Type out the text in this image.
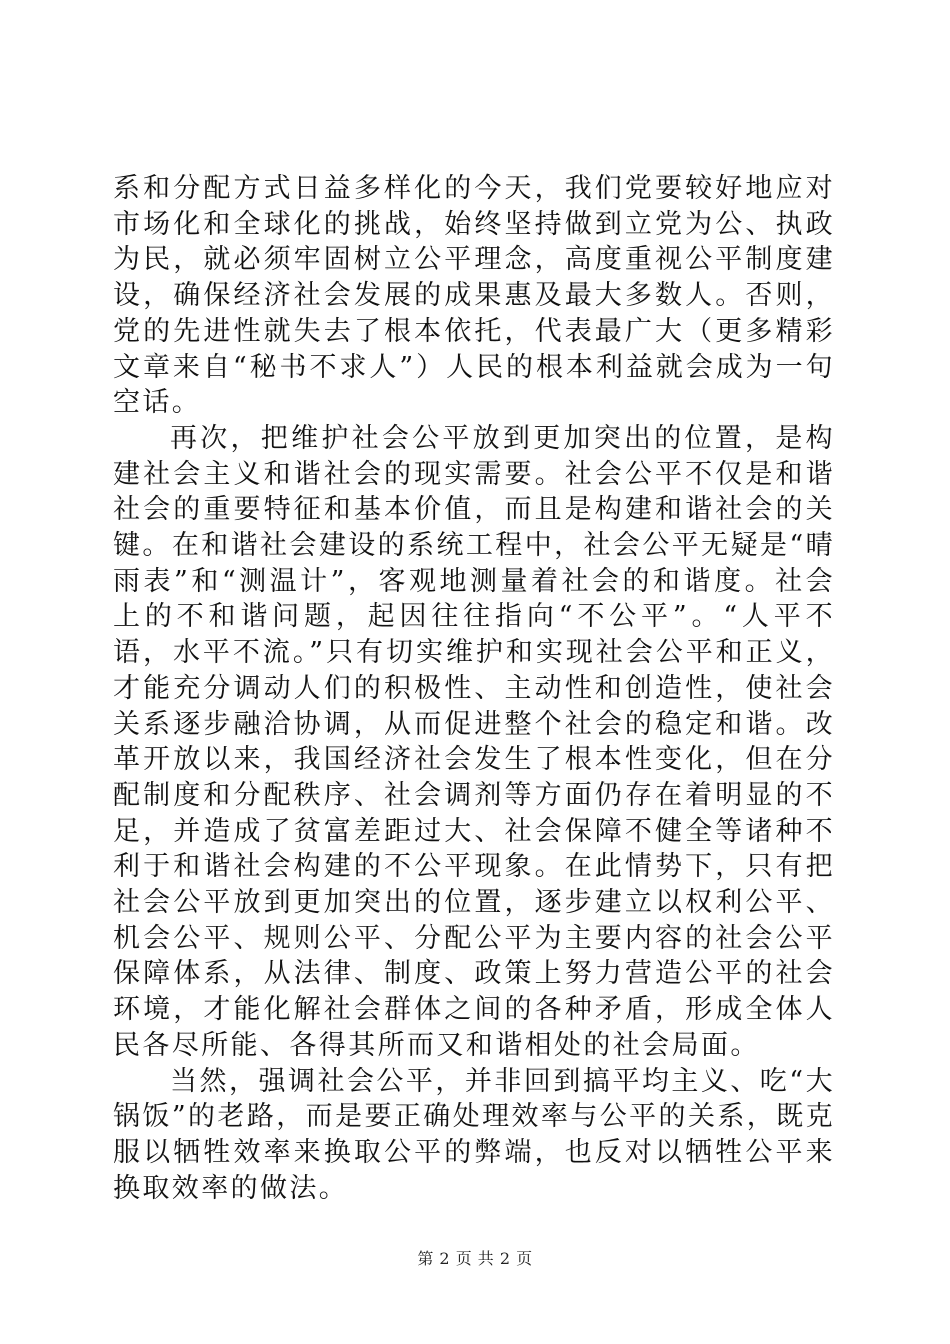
系和分配方式日益多样化的今天，我们党要较好地应对市场化和全球化的挑战，始终坚持做到立党为公、执政为民，就必须牢固树立公平理念，高度重视公平制度建设，确保经济社会发展的成果惠及最大多数人。否则，党的先进性就失去了根本依托，代表最广大（更多精彩文章来自“秘书不求人”）人民的根本利益就会成为一句空话。

再次，把维护社会公平放到更加突出的位置，是构建社会主义和谐社会的现实需要。社会公平不仅是和谐社会的重要特征和基本价值，而且是构建和谐社会的关键。在和谐社会建设的系统工程中，社会公平无疑是“晴雨表”和“测温计”，客观地测量着社会的和谐度。社会上的不和谐问题，起因往往指向“不公平”。“人平不语，水平不流。”只有切实维护和实现社会公平和正义，才能充分调动人们的积极性、主动性和创造性，使社会关系逐步融洽协调，从而促进整个社会的稳定和谐。改革开放以来，我国经济社会发生了根本性变化，但在分配制度和分配秩序、社会调剂等方面仍存在着明显的不足，并造成了贫富差距过大、社会保障不健全等诸种不利于和谐社会构建的不公平现象。在此情势下，只有把社会公平放到更加突出的位置，逐步建立以权利公平、机会公平、规则公平、分配公平为主要内容的社会公平保障体系，从法律、制度、政策上努力营造公平的社会环境，才能化解社会群体之间的各种矛盾，形成全体人民各尽所能、各得其所而又和谐相处的社会局面。

当然，强调社会公平，并非回到搞平均主义、吃“大锅饭”的老路，而是要正确处理效率与公平的关系，既克服以牺牲效率来换取公平的弊端，也反对以牺牲公平来换取效率的做法。

第 2 页 共 2 页
